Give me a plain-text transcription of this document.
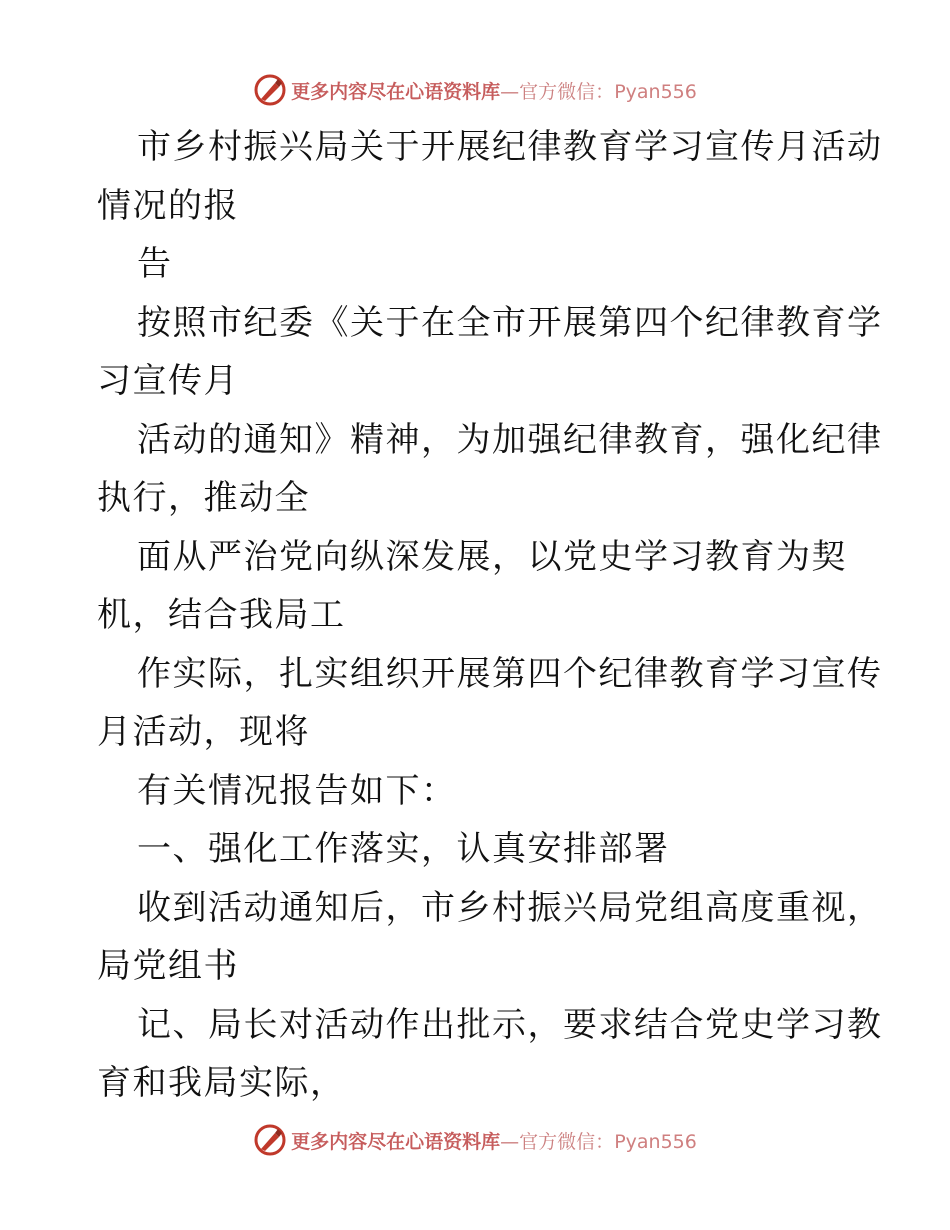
更多内容尽在心语资料库—官方微信：Pyan556
市乡村振兴局关于开展纪律教育学习宣传月活动
情况的报
告
按照市纪委《关于在全市开展第四个纪律教育学
习宣传月
活动的通知》精神，为加强纪律教育，强化纪律
执行，推动全
面从严治党向纵深发展，以党史学习教育为契
机，结合我局工
作实际，扎实组织开展第四个纪律教育学习宣传
月活动，现将
有关情况报告如下：
一、强化工作落实，认真安排部署
收到活动通知后，市乡村振兴局党组高度重视，
局党组书
记、局长对活动作出批示，要求结合党史学习教
育和我局实际，
更多内容尽在心语资料库—官方微信：Pyan556
